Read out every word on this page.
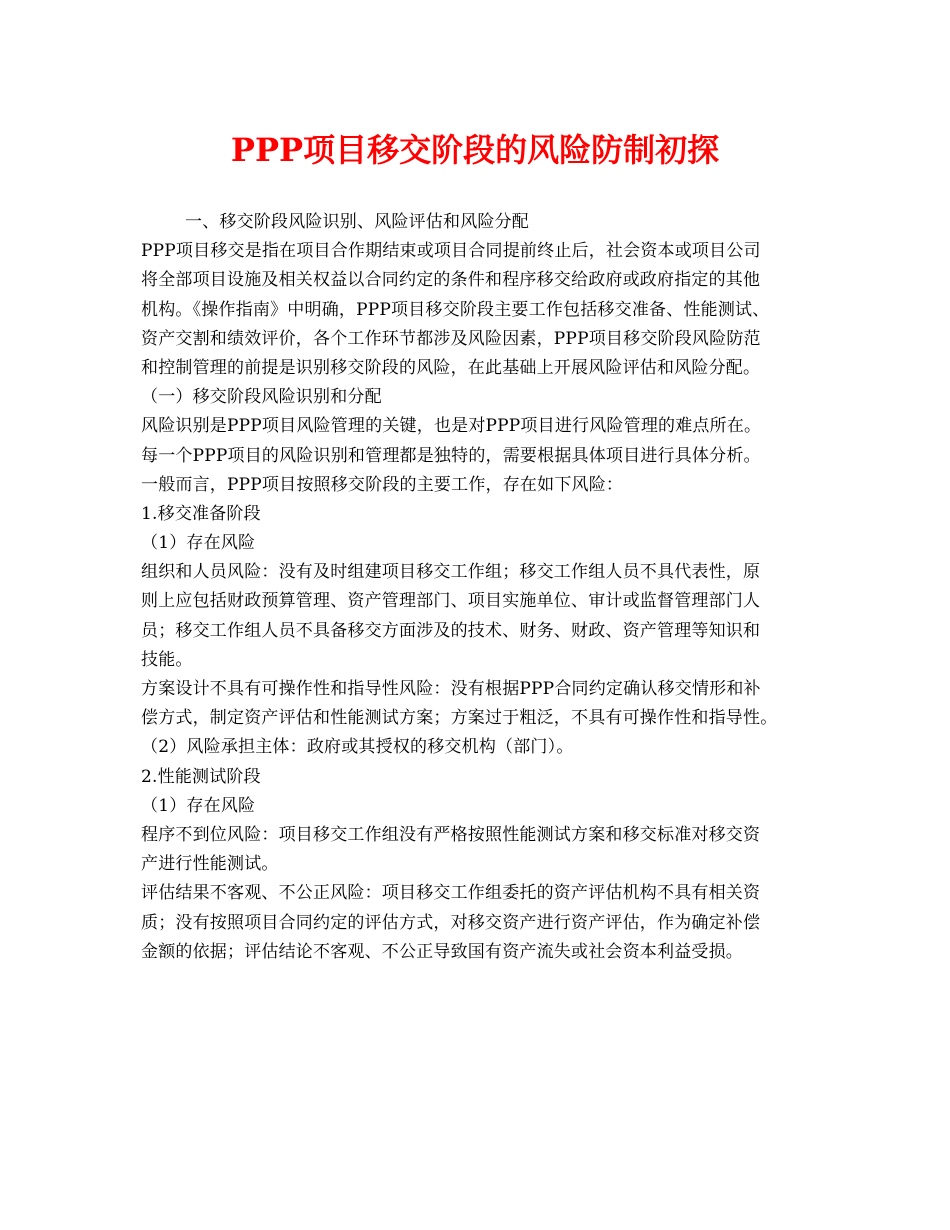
PPP项目移交阶段的风险防制初探
一、移交阶段风险识别、风险评估和风险分配
PPP项目移交是指在项目合作期结束或项目合同提前终止后，社会资本或项目公司
将全部项目设施及相关权益以合同约定的条件和程序移交给政府或政府指定的其他
机构。《操作指南》中明确，PPP项目移交阶段主要工作包括移交准备、性能测试、
资产交割和绩效评价，各个工作环节都涉及风险因素，PPP项目移交阶段风险防范
和控制管理的前提是识别移交阶段的风险，在此基础上开展风险评估和风险分配。
（一）移交阶段风险识别和分配
风险识别是PPP项目风险管理的关键，也是对PPP项目进行风险管理的难点所在。
每一个PPP项目的风险识别和管理都是独特的，需要根据具体项目进行具体分析。
一般而言，PPP项目按照移交阶段的主要工作，存在如下风险：
1.移交准备阶段
（1）存在风险
组织和人员风险：没有及时组建项目移交工作组；移交工作组人员不具代表性，原
则上应包括财政预算管理、资产管理部门、项目实施单位、审计或监督管理部门人
员；移交工作组人员不具备移交方面涉及的技术、财务、财政、资产管理等知识和
技能。
方案设计不具有可操作性和指导性风险：没有根据PPP合同约定确认移交情形和补
偿方式，制定资产评估和性能测试方案；方案过于粗泛，不具有可操作性和指导性。
（2）风险承担主体：政府或其授权的移交机构（部门）。
2.性能测试阶段
（1）存在风险
程序不到位风险：项目移交工作组没有严格按照性能测试方案和移交标准对移交资
产进行性能测试。
评估结果不客观、不公正风险：项目移交工作组委托的资产评估机构不具有相关资
质；没有按照项目合同约定的评估方式，对移交资产进行资产评估，作为确定补偿
金额的依据；评估结论不客观、不公正导致国有资产流失或社会资本利益受损。
